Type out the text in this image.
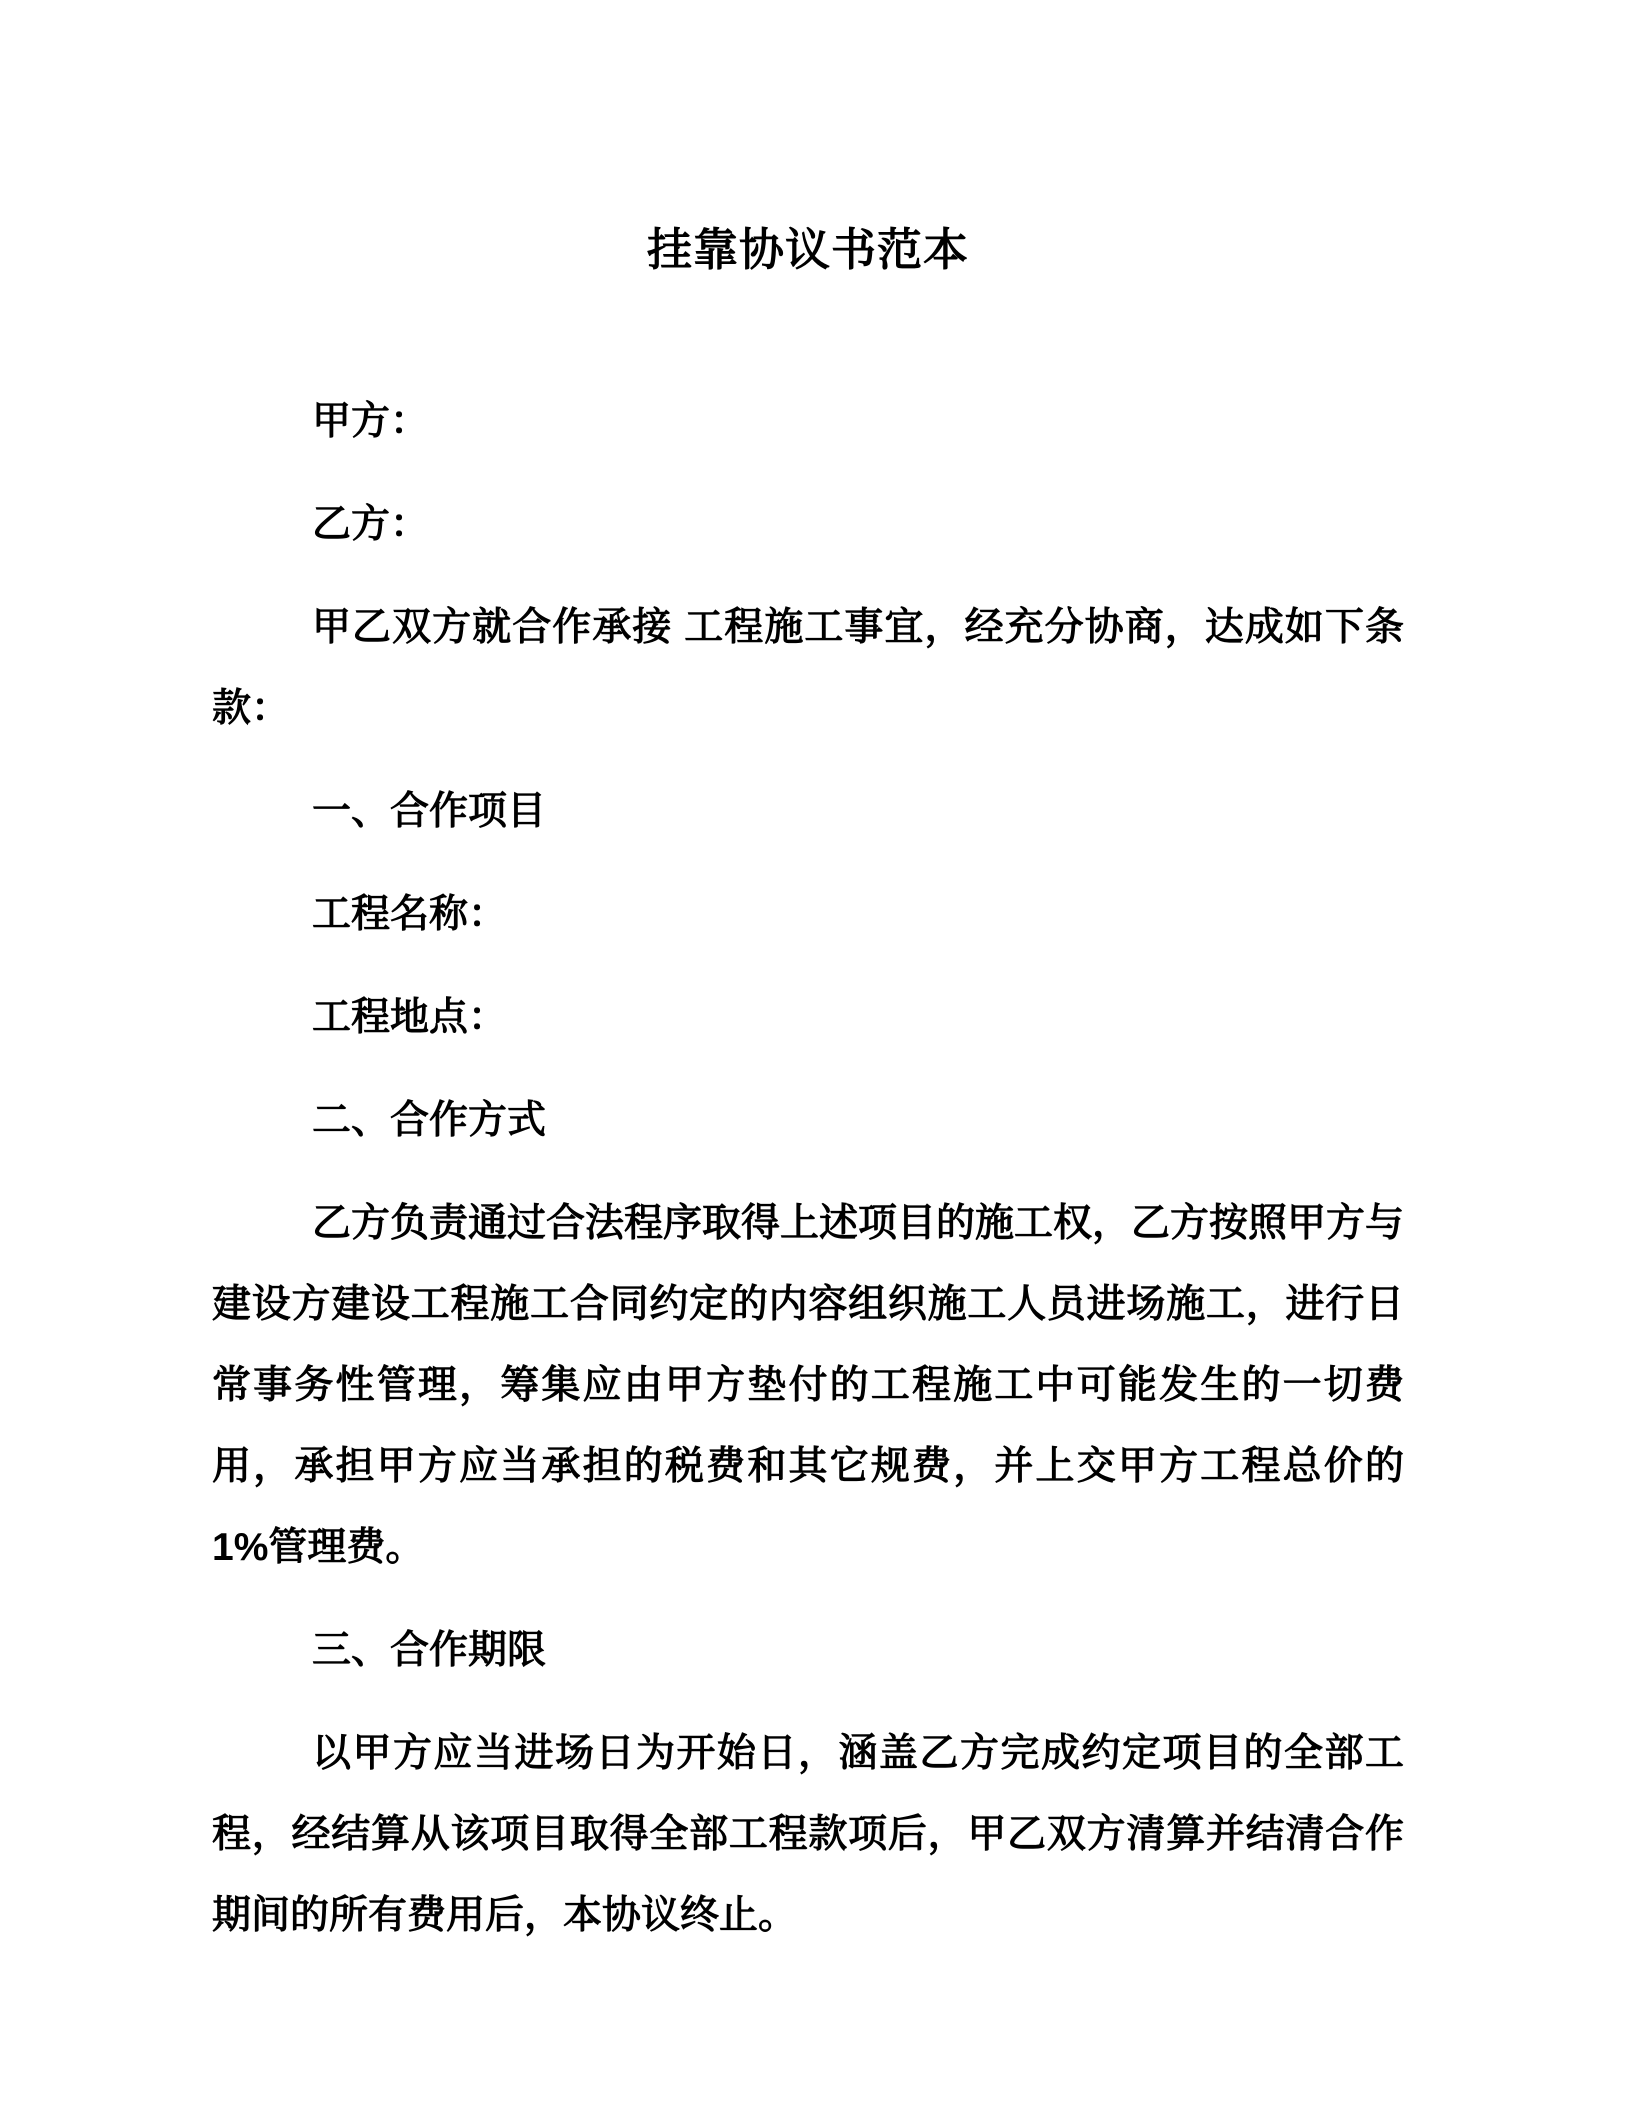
挂靠协议书范本

甲方：

乙方：

甲乙双方就合作承接 工程施工事宜，经充分协商，达成如下条款：

一、合作项目

工程名称：

工程地点：

二、合作方式

乙方负责通过合法程序取得上述项目的施工权，乙方按照甲方与建设方建设工程施工合同约定的内容组织施工人员进场施工，进行日常事务性管理，筹集应由甲方垫付的工程施工中可能发生的一切费用，承担甲方应当承担的税费和其它规费，并上交甲方工程总价的 1%管理费。

三、合作期限

以甲方应当进场日为开始日，涵盖乙方完成约定项目的全部工程，经结算从该项目取得全部工程款项后，甲乙双方清算并结清合作期间的所有费用后，本协议终止。
